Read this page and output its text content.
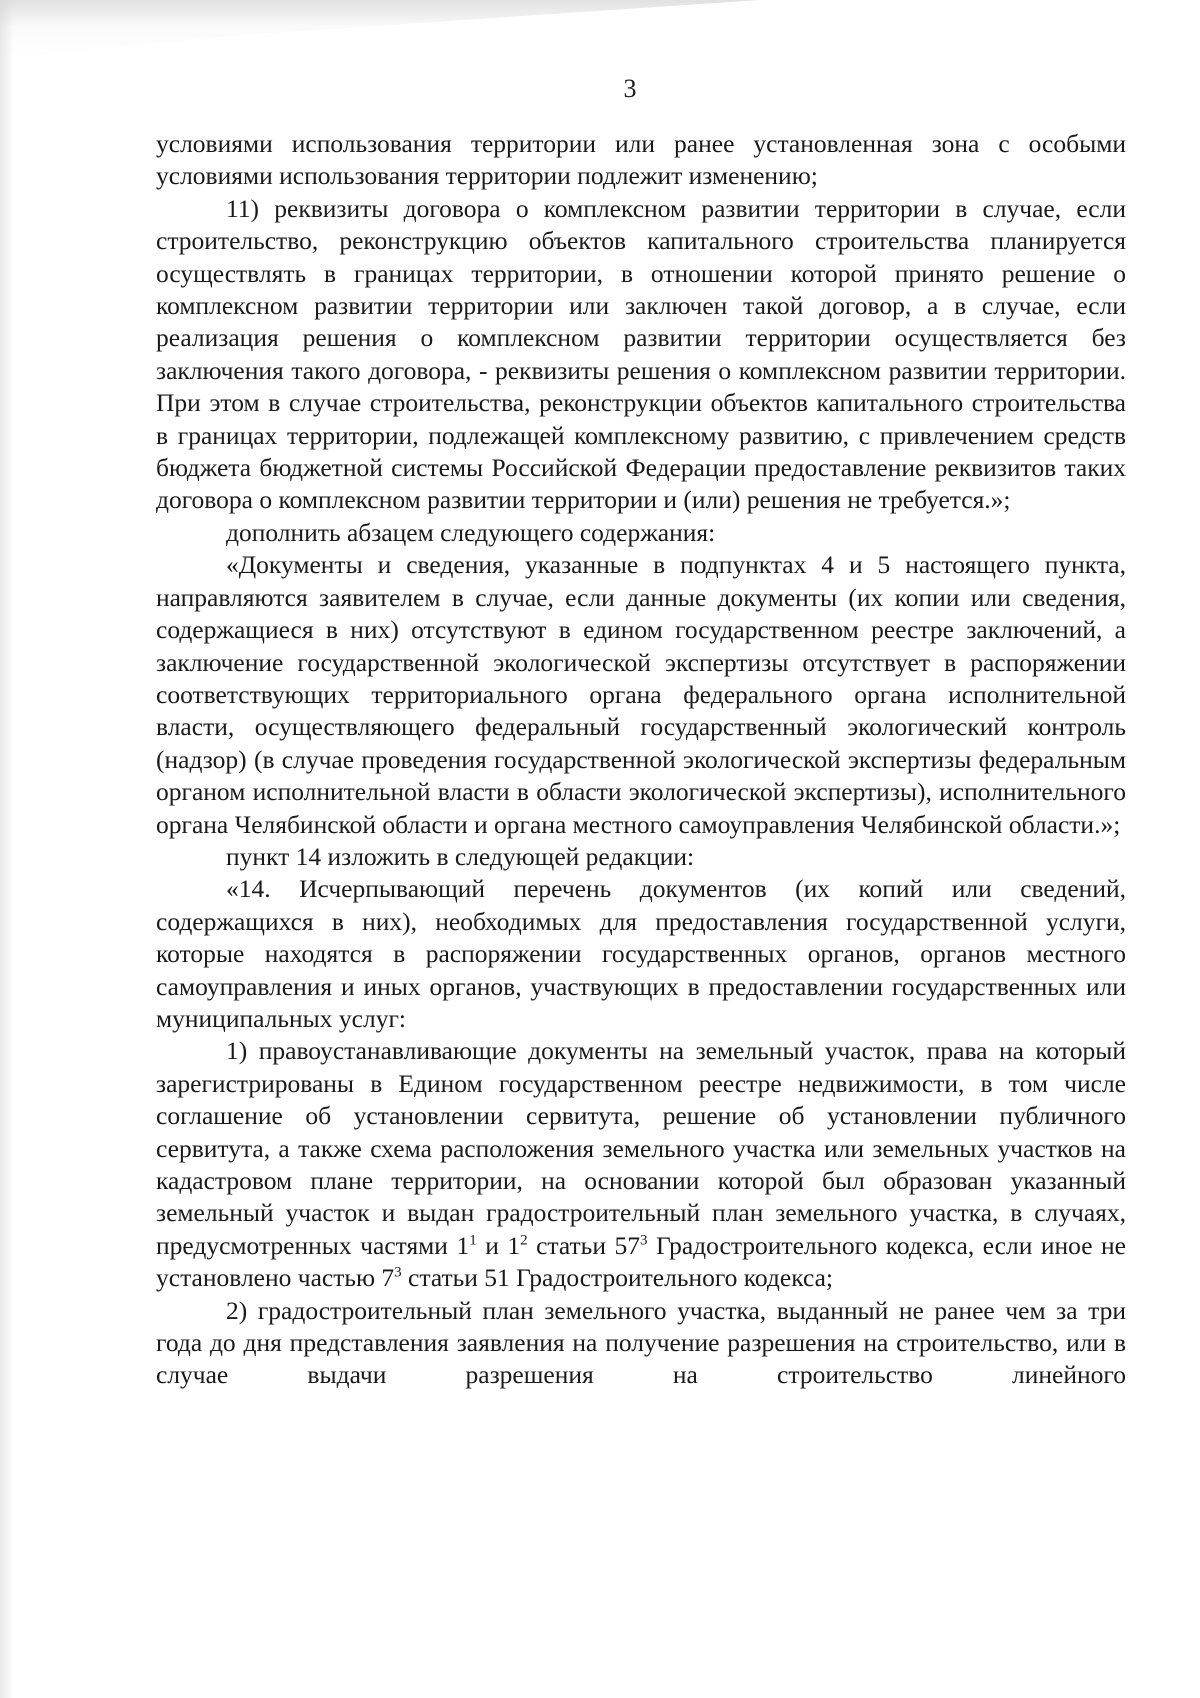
3

условиями использования территории или ранее установленная зона с особыми условиями использования территории подлежит изменению;

11) реквизиты договора о комплексном развитии территории в случае, если строительство, реконструкцию объектов капитального строительства планируется осуществлять в границах территории, в отношении которой принято решение о комплексном развитии территории или заключен такой договор, а в случае, если реализация решения о комплексном развитии территории осуществляется без заключения такого договора, - реквизиты решения о комплексном развитии территории. При этом в случае строительства, реконструкции объектов капитального строительства в границах территории, подлежащей комплексному развитию, с привлечением средств бюджета бюджетной системы Российской Федерации предоставление реквизитов таких договора о комплексном развитии территории и (или) решения не требуется.»;

дополнить абзацем следующего содержания:

«Документы и сведения, указанные в подпунктах 4 и 5 настоящего пункта, направляются заявителем в случае, если данные документы (их копии или сведения, содержащиеся в них) отсутствуют в едином государственном реестре заключений, а заключение государственной экологической экспертизы отсутствует в распоряжении соответствующих территориального органа федерального органа исполнительной власти, осуществляющего федеральный государственный экологический контроль (надзор) (в случае проведения государственной экологической экспертизы федеральным органом исполнительной власти в области экологической экспертизы), исполнительного органа Челябинской области и органа местного самоуправления Челябинской области.»;

пункт 14 изложить в следующей редакции:

«14. Исчерпывающий перечень документов (их копий или сведений, содержащихся в них), необходимых для предоставления государственной услуги, которые находятся в распоряжении государственных органов, органов местного самоуправления и иных органов, участвующих в предоставлении государственных или муниципальных услуг:

1) правоустанавливающие документы на земельный участок, права на который зарегистрированы в Едином государственном реестре недвижимости, в том числе соглашение об установлении сервитута, решение об установлении публичного сервитута, а также схема расположения земельного участка или земельных участков на кадастровом плане территории, на основании которой был образован указанный земельный участок и выдан градостроительный план земельного участка, в случаях, предусмотренных частями $1^1$ и $1^2$ статьи $57^3$ Градостроительного кодекса, если иное не установлено частью $7^3$ статьи 51 Градостроительного кодекса;

2) градостроительный план земельного участка, выданный не ранее чем за три года до дня представления заявления на получение разрешения на строительство, или в случае выдачи разрешения на строительство линейного
